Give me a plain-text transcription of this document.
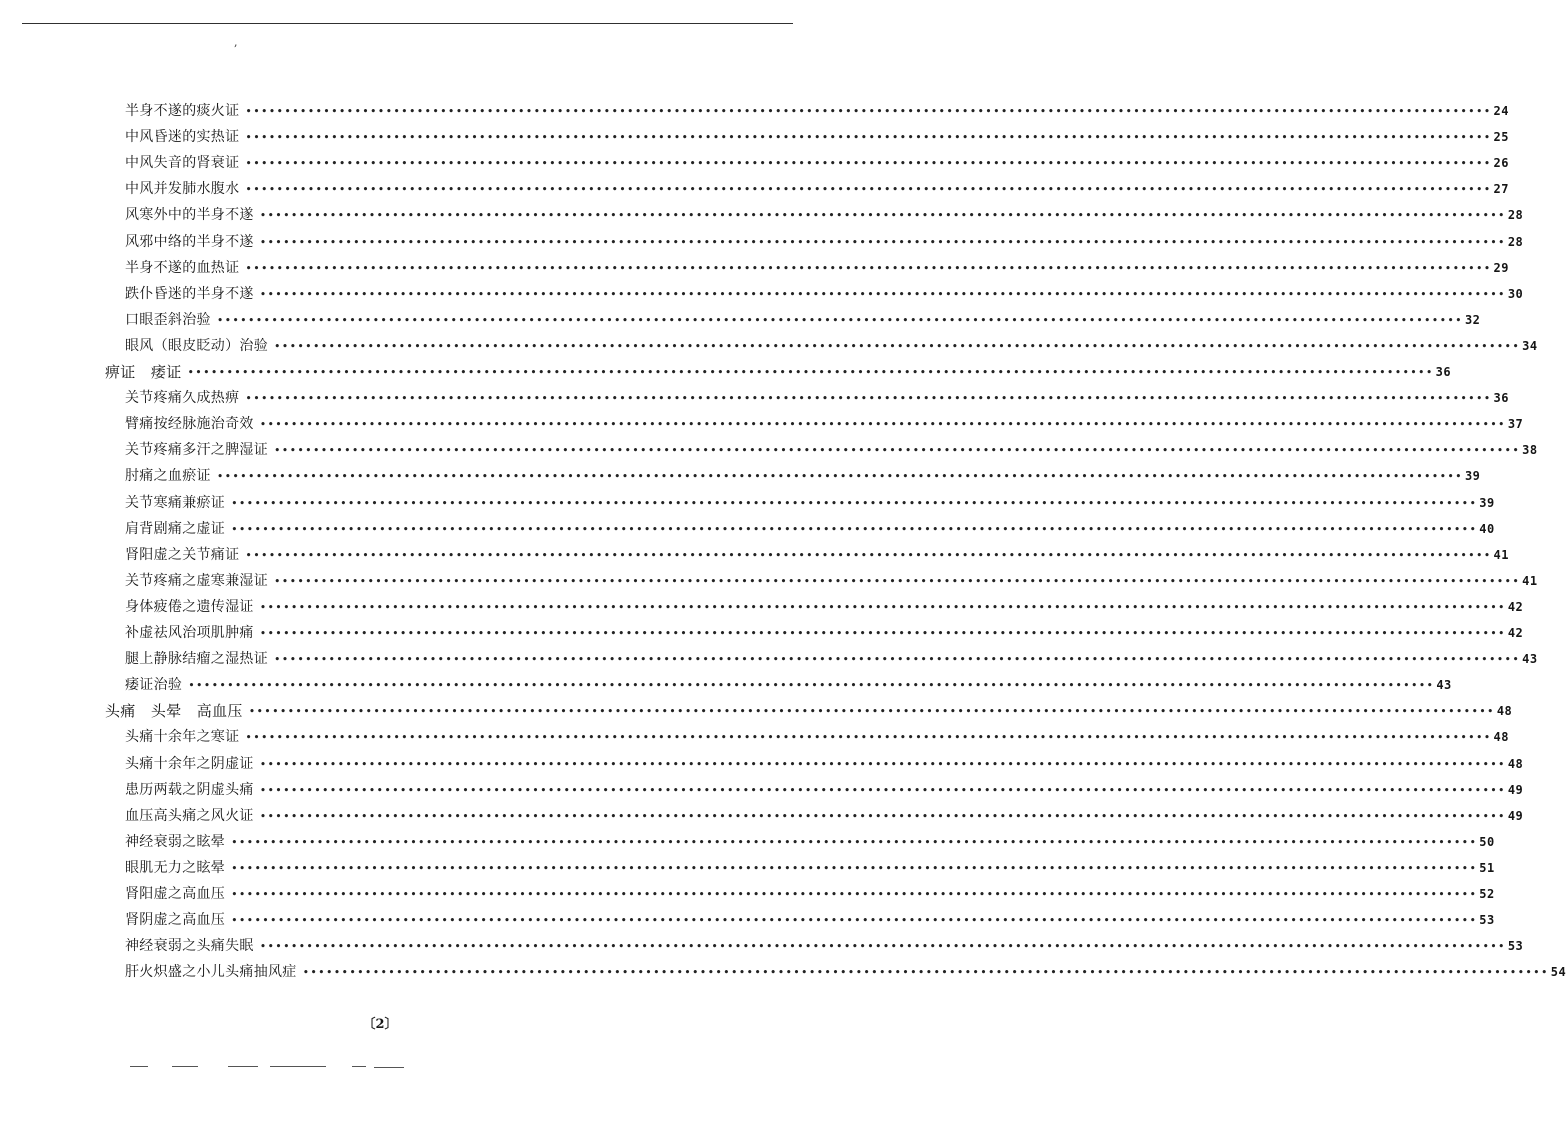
,
半身不遂的痰火证 •••••••••••••••••••••••••••••••••••••••••••••••••••••••••••••••••••••••••••••••••••••••••••••••••••••••••••••••••••••••••••••••••••••••••••••••••••••••••••••••• 24
中风昏迷的实热证 •••••••••••••••••••••••••••••••••••••••••••••••••••••••••••••••••••••••••••••••••••••••••••••••••••••••••••••••••••••••••••••••••••••••••••••••••••••••••••••••• 25
中风失音的肾衰证 •••••••••••••••••••••••••••••••••••••••••••••••••••••••••••••••••••••••••••••••••••••••••••••••••••••••••••••••••••••••••••••••••••••••••••••••••••••••••••••••• 26
中风并发肺水腹水 •••••••••••••••••••••••••••••••••••••••••••••••••••••••••••••••••••••••••••••••••••••••••••••••••••••••••••••••••••••••••••••••••••••••••••••••••••••••••••••••• 27
风寒外中的半身不遂 •••••••••••••••••••••••••••••••••••••••••••••••••••••••••••••••••••••••••••••••••••••••••••••••••••••••••••••••••••••••••••••••••••••••••••••••••••••••••••••••• 28
风邪中络的半身不遂 •••••••••••••••••••••••••••••••••••••••••••••••••••••••••••••••••••••••••••••••••••••••••••••••••••••••••••••••••••••••••••••••••••••••••••••••••••••••••••••••• 28
半身不遂的血热证 •••••••••••••••••••••••••••••••••••••••••••••••••••••••••••••••••••••••••••••••••••••••••••••••••••••••••••••••••••••••••••••••••••••••••••••••••••••••••••••••• 29
跌仆昏迷的半身不遂 •••••••••••••••••••••••••••••••••••••••••••••••••••••••••••••••••••••••••••••••••••••••••••••••••••••••••••••••••••••••••••••••••••••••••••••••••••••••••••••••• 30
口眼歪斜治验 •••••••••••••••••••••••••••••••••••••••••••••••••••••••••••••••••••••••••••••••••••••••••••••••••••••••••••••••••••••••••••••••••••••••••••••••••••••••••••••••• 32
眼风（眼皮眨动）治验 •••••••••••••••••••••••••••••••••••••••••••••••••••••••••••••••••••••••••••••••••••••••••••••••••••••••••••••••••••••••••••••••••••••••••••••••••••••••••••••••• 34
痹证　痿证 •••••••••••••••••••••••••••••••••••••••••••••••••••••••••••••••••••••••••••••••••••••••••••••••••••••••••••••••••••••••••••••••••••••••••••••••••••••••••••••••• 36
关节疼痛久成热痹 •••••••••••••••••••••••••••••••••••••••••••••••••••••••••••••••••••••••••••••••••••••••••••••••••••••••••••••••••••••••••••••••••••••••••••••••••••••••••••••••• 36
臂痛按经脉施治奇效 •••••••••••••••••••••••••••••••••••••••••••••••••••••••••••••••••••••••••••••••••••••••••••••••••••••••••••••••••••••••••••••••••••••••••••••••••••••••••••••••• 37
关节疼痛多汗之脾湿证 •••••••••••••••••••••••••••••••••••••••••••••••••••••••••••••••••••••••••••••••••••••••••••••••••••••••••••••••••••••••••••••••••••••••••••••••••••••••••••••••• 38
肘痛之血瘀证 •••••••••••••••••••••••••••••••••••••••••••••••••••••••••••••••••••••••••••••••••••••••••••••••••••••••••••••••••••••••••••••••••••••••••••••••••••••••••••••••• 39
关节寒痛兼瘀证 •••••••••••••••••••••••••••••••••••••••••••••••••••••••••••••••••••••••••••••••••••••••••••••••••••••••••••••••••••••••••••••••••••••••••••••••••••••••••••••••• 39
肩背剧痛之虚证 •••••••••••••••••••••••••••••••••••••••••••••••••••••••••••••••••••••••••••••••••••••••••••••••••••••••••••••••••••••••••••••••••••••••••••••••••••••••••••••••• 40
肾阳虚之关节痛证 •••••••••••••••••••••••••••••••••••••••••••••••••••••••••••••••••••••••••••••••••••••••••••••••••••••••••••••••••••••••••••••••••••••••••••••••••••••••••••••••• 41
关节疼痛之虚寒兼湿证 •••••••••••••••••••••••••••••••••••••••••••••••••••••••••••••••••••••••••••••••••••••••••••••••••••••••••••••••••••••••••••••••••••••••••••••••••••••••••••••••• 41
身体疲倦之遗传湿证 •••••••••••••••••••••••••••••••••••••••••••••••••••••••••••••••••••••••••••••••••••••••••••••••••••••••••••••••••••••••••••••••••••••••••••••••••••••••••••••••• 42
补虚祛风治项肌肿痛 •••••••••••••••••••••••••••••••••••••••••••••••••••••••••••••••••••••••••••••••••••••••••••••••••••••••••••••••••••••••••••••••••••••••••••••••••••••••••••••••• 42
腿上静脉结瘤之湿热证 •••••••••••••••••••••••••••••••••••••••••••••••••••••••••••••••••••••••••••••••••••••••••••••••••••••••••••••••••••••••••••••••••••••••••••••••••••••••••••••••• 43
痿证治验 •••••••••••••••••••••••••••••••••••••••••••••••••••••••••••••••••••••••••••••••••••••••••••••••••••••••••••••••••••••••••••••••••••••••••••••••••••••••••••••••• 43
头痛　头晕　高血压 •••••••••••••••••••••••••••••••••••••••••••••••••••••••••••••••••••••••••••••••••••••••••••••••••••••••••••••••••••••••••••••••••••••••••••••••••••••••••••••••• 48
头痛十余年之寒证 •••••••••••••••••••••••••••••••••••••••••••••••••••••••••••••••••••••••••••••••••••••••••••••••••••••••••••••••••••••••••••••••••••••••••••••••••••••••••••••••• 48
头痛十余年之阴虚证 •••••••••••••••••••••••••••••••••••••••••••••••••••••••••••••••••••••••••••••••••••••••••••••••••••••••••••••••••••••••••••••••••••••••••••••••••••••••••••••••• 48
患历两载之阴虚头痛 •••••••••••••••••••••••••••••••••••••••••••••••••••••••••••••••••••••••••••••••••••••••••••••••••••••••••••••••••••••••••••••••••••••••••••••••••••••••••••••••• 49
血压高头痛之风火证 •••••••••••••••••••••••••••••••••••••••••••••••••••••••••••••••••••••••••••••••••••••••••••••••••••••••••••••••••••••••••••••••••••••••••••••••••••••••••••••••• 49
神经衰弱之眩晕 •••••••••••••••••••••••••••••••••••••••••••••••••••••••••••••••••••••••••••••••••••••••••••••••••••••••••••••••••••••••••••••••••••••••••••••••••••••••••••••••• 50
眼肌无力之眩晕 •••••••••••••••••••••••••••••••••••••••••••••••••••••••••••••••••••••••••••••••••••••••••••••••••••••••••••••••••••••••••••••••••••••••••••••••••••••••••••••••• 51
肾阳虚之高血压 •••••••••••••••••••••••••••••••••••••••••••••••••••••••••••••••••••••••••••••••••••••••••••••••••••••••••••••••••••••••••••••••••••••••••••••••••••••••••••••••• 52
肾阴虚之高血压 •••••••••••••••••••••••••••••••••••••••••••••••••••••••••••••••••••••••••••••••••••••••••••••••••••••••••••••••••••••••••••••••••••••••••••••••••••••••••••••••• 53
神经衰弱之头痛失眠 •••••••••••••••••••••••••••••••••••••••••••••••••••••••••••••••••••••••••••••••••••••••••••••••••••••••••••••••••••••••••••••••••••••••••••••••••••••••••••••••• 53
肝火炽盛之小儿头痛抽风症 •••••••••••••••••••••••••••••••••••••••••••••••••••••••••••••••••••••••••••••••••••••••••••••••••••••••••••••••••••••••••••••••••••••••••••••••••••••••••••••••• 54
〔2〕
